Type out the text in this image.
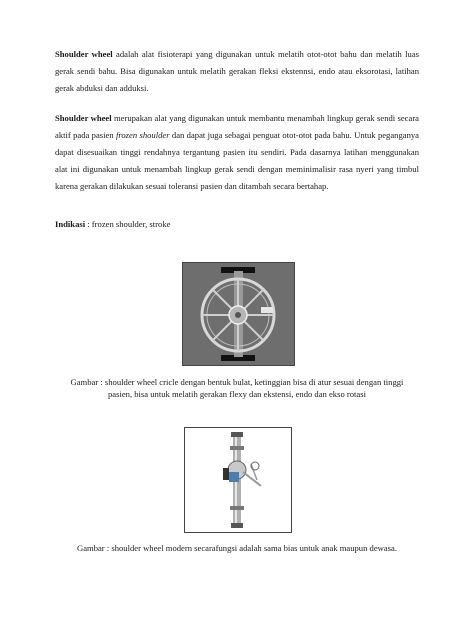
Shoulder wheel adalah alat fisioterapi yang digunakan untuk melatih otot-otot bahu dan melatih luas gerak sendi bahu. Bisa digunakan untuk melatih gerakan fleksi ekstennsi, endo atau eksorotasi, latihan gerak abduksi dan adduksi.

Shoulder wheel merupakan alat yang digunakan untuk membantu menambah lingkup gerak sendi secara aktif pada pasien frozen shoulder dan dapat juga sebagai penguat otot-otot pada bahu. Untuk peganganya dapat disesuaikan tinggi rendahnya tergantung pasien itu sendiri. Pada dasarnya latihan menggunakan alat ini digunakan untuk menambah lingkup gerak sendi dengan meminimalisir rasa nyeri yang timbul karena gerakan dilakukan sesuai toleransi pasien dan ditambah secara bertahap.

Indikasi : frozen shoulder, stroke

Gambar : shoulder wheel cricle dengan bentuk bulat, ketinggian bisa di atur sesuai dengan tinggi
pasien, bisa untuk melatih gerakan flexy dan ekstensi, endo dan ekso rotasi

Gambar : shoulder wheel modern secarafungsi adalah sama bias untuk anak maupun dewasa.
